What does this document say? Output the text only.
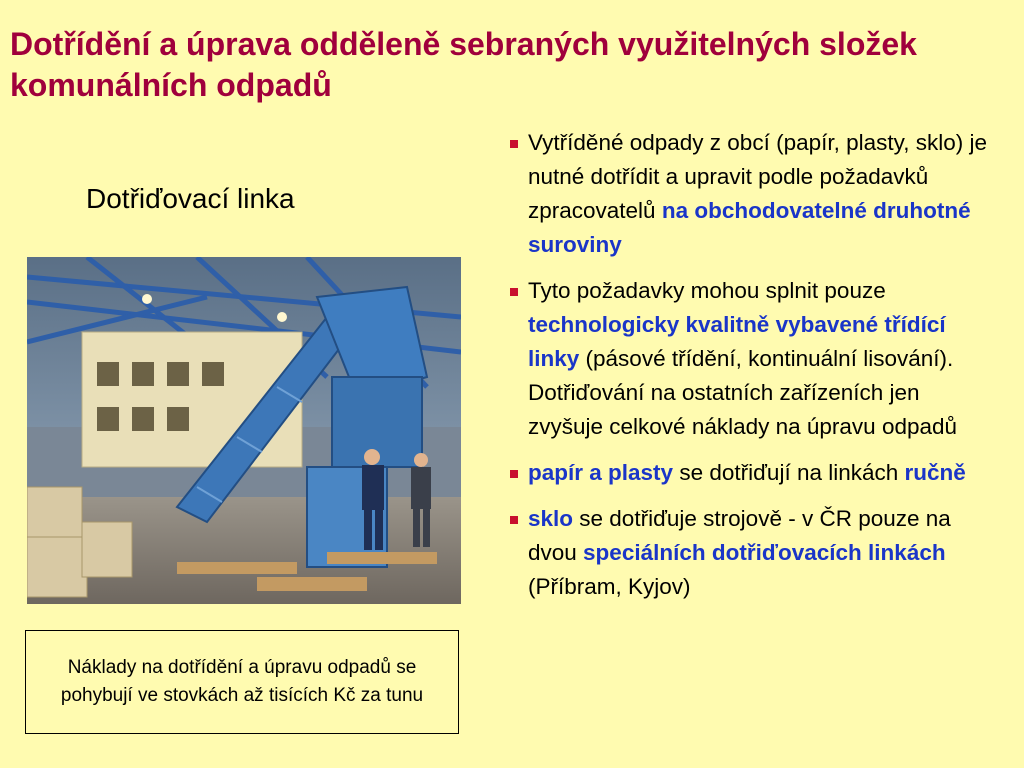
Dotřídění a úprava odděleně sebraných využitelných složek komunálních odpadů
Dotřiďovací linka
Náklady na dotřídění a úpravu odpadů se pohybují ve stovkách až tisících Kč za tunu
Vytříděné odpady z obcí (papír, plasty, sklo) je nutné dotřídit a upravit podle požadavků zpracovatelů na obchodovatelné druhotné suroviny
Tyto požadavky mohou splnit pouze technologicky kvalitně vybavené třídící linky (pásové třídění, kontinuální lisování). Dotřiďování na ostatních zařízeních jen zvyšuje celkové náklady na úpravu odpadů
papír a plasty se dotřiďují na linkách ručně
sklo se dotřiďuje strojově - v ČR pouze na dvou speciálních dotřiďovacích linkách (Příbram, Kyjov)
